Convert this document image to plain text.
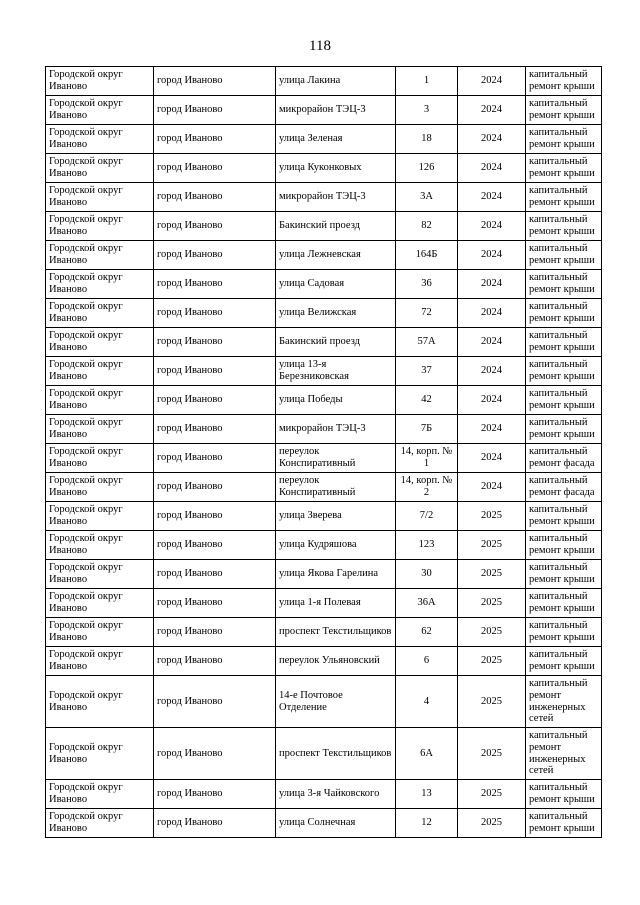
118
Городской округ Иваново	город Иваново	улица Лакина	1	2024	капитальный ремонт крыши
Городской округ Иваново	город Иваново	микрорайон ТЭЦ-3	3	2024	капитальный ремонт крыши
Городской округ Иваново	город Иваново	улица Зеленая	18	2024	капитальный ремонт крыши
Городской округ Иваново	город Иваново	улица Куконковых	126	2024	капитальный ремонт крыши
Городской округ Иваново	город Иваново	микрорайон ТЭЦ-3	3А	2024	капитальный ремонт крыши
Городской округ Иваново	город Иваново	Бакинский проезд	82	2024	капитальный ремонт крыши
Городской округ Иваново	город Иваново	улица Лежневская	164Б	2024	капитальный ремонт крыши
Городской округ Иваново	город Иваново	улица Садовая	36	2024	капитальный ремонт крыши
Городской округ Иваново	город Иваново	улица Велижская	72	2024	капитальный ремонт крыши
Городской округ Иваново	город Иваново	Бакинский проезд	57А	2024	капитальный ремонт крыши
Городской округ Иваново	город Иваново	улица 13-я Березниковская	37	2024	капитальный ремонт крыши
Городской округ Иваново	город Иваново	улица Победы	42	2024	капитальный ремонт крыши
Городской округ Иваново	город Иваново	микрорайон ТЭЦ-3	7Б	2024	капитальный ремонт крыши
Городской округ Иваново	город Иваново	переулок Конспиративный	14, корп. № 1	2024	капитальный ремонт фасада
Городской округ Иваново	город Иваново	переулок Конспиративный	14, корп. № 2	2024	капитальный ремонт фасада
Городской округ Иваново	город Иваново	улица Зверева	7/2	2025	капитальный ремонт крыши
Городской округ Иваново	город Иваново	улица Кудряшова	123	2025	капитальный ремонт крыши
Городской округ Иваново	город Иваново	улица Якова Гарелина	30	2025	капитальный ремонт крыши
Городской округ Иваново	город Иваново	улица 1-я Полевая	36А	2025	капитальный ремонт крыши
Городской округ Иваново	город Иваново	проспект Текстильщиков	62	2025	капитальный ремонт крыши
Городской округ Иваново	город Иваново	переулок Ульяновский	6	2025	капитальный ремонт крыши
Городской округ Иваново	город Иваново	14-е Почтовое Отделение	4	2025	капитальный ремонт инженерных сетей
Городской округ Иваново	город Иваново	проспект Текстильщиков	6А	2025	капитальный ремонт инженерных сетей
Городской округ Иваново	город Иваново	улица 3-я Чайковского	13	2025	капитальный ремонт крыши
Городской округ Иваново	город Иваново	улица Солнечная	12	2025	капитальный ремонт крыши
